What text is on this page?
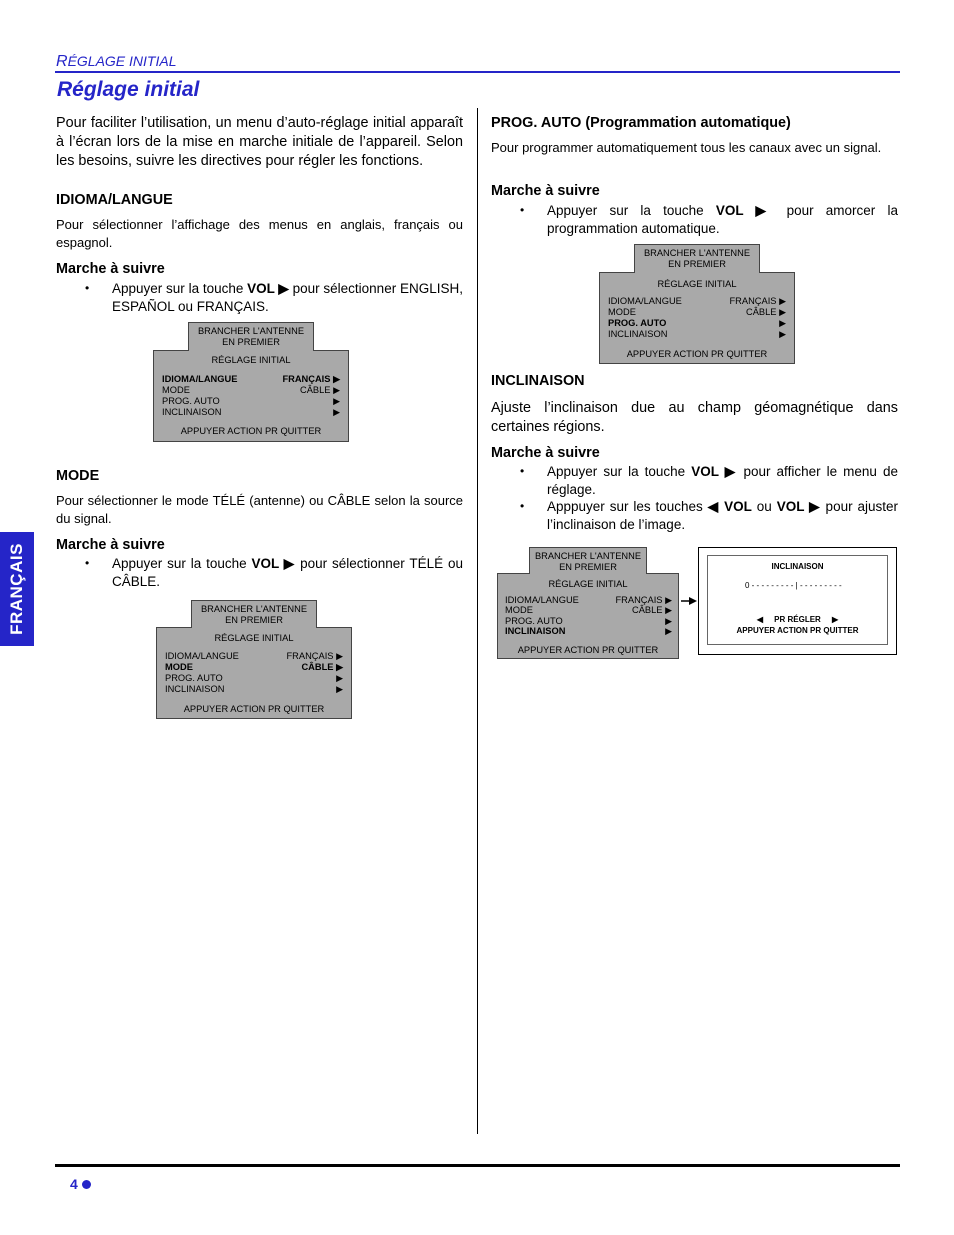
RÉGLAGE INITIAL
Réglage initial
FRANÇAIS
Pour faciliter l’utilisation, un menu d’auto-réglage initial apparaît à l’écran lors de la mise en marche initiale de l’appareil. Selon les besoins, suivre les directives pour régler les fonctions.
IDIOMA/LANGUE
Pour sélectionner l’affichage des menus en anglais, français ou espagnol.
Marche à suivre
• Appuyer sur la touche VOL ▶ pour sélectionner ENGLISH, ESPAÑOL ou FRANÇAIS.
RÉGLAGE INITIAL
IDIOMA/LANGUE	FRANÇAIS ▶
MODE	CÂBLE ▶
PROG. AUTO	▶
INCLINAISON	▶
APPUYER ACTION PR QUITTER
BRANCHER L'ANTENNE
EN PREMIER
MODE
Pour sélectionner le mode TÉLÉ (antenne) ou CÂBLE selon la source du signal.
Marche à suivre
• Appuyer sur la touche VOL ▶ pour sélectionner TÉLÉ ou CÂBLE.
RÉGLAGE INITIAL
IDIOMA/LANGUE	FRANÇAIS ▶
MODE	CÂBLE ▶
PROG. AUTO	▶
INCLINAISON	▶
APPUYER ACTION PR QUITTER
BRANCHER L'ANTENNE
EN PREMIER
PROG. AUTO (Programmation automatique)
Pour programmer automatiquement tous les canaux avec un signal.
Marche à suivre
• Appuyer sur la touche VOL ▶ pour amorcer la programmation automatique.
RÉGLAGE INITIAL
IDIOMA/LANGUE	FRANÇAIS ▶
MODE	CÂBLE ▶
PROG. AUTO	▶
INCLINAISON	▶
APPUYER ACTION PR QUITTER
BRANCHER L'ANTENNE
EN PREMIER
INCLINAISON
Ajuste l’inclinaison due au champ géomagnétique dans certaines régions.
Marche à suivre
• Appuyer sur la touche VOL ▶ pour afficher le menu de réglage.
• Apppuyer sur les touches ◀ VOL ou VOL ▶ pour ajuster l’inclinaison de l’image.
RÉGLAGE INITIAL
IDIOMA/LANGUE	FRANÇAIS ▶
MODE	CÂBLE ▶
PROG. AUTO	▶
INCLINAISON	▶
APPUYER ACTION PR QUITTER
BRANCHER L'ANTENNE
EN PREMIER	INCLINAISON
0 - - - - - - - - - | - - - - - - - - -
◀ PR RÉGLER ▶
APPUYER ACTION PR QUITTER
4
